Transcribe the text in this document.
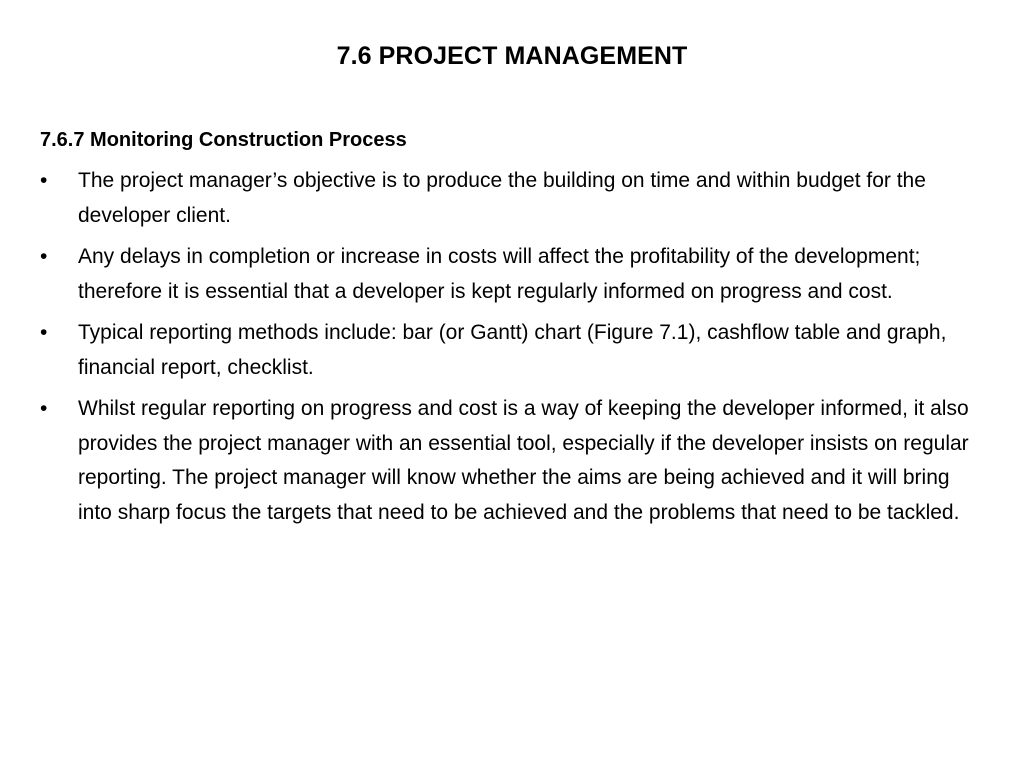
7.6 PROJECT MANAGEMENT
7.6.7 Monitoring Construction Process
•	The project manager’s objective is to produce the building on time and within budget for the developer client.
•	Any delays in completion or increase in costs will affect the profitability of the development; therefore it is essential that a developer is kept regularly informed on progress and cost.
•	Typical reporting methods include: bar (or Gantt) chart (Figure 7.1), cashflow table and graph, financial report, checklist.
•	Whilst regular reporting on progress and cost is a way of keeping the developer informed, it also provides the project manager with an essential tool, especially if the developer insists on regular reporting. The project manager will know whether the aims are being achieved and it will bring into sharp focus the targets that need to be achieved and the problems that need to be tackled.
